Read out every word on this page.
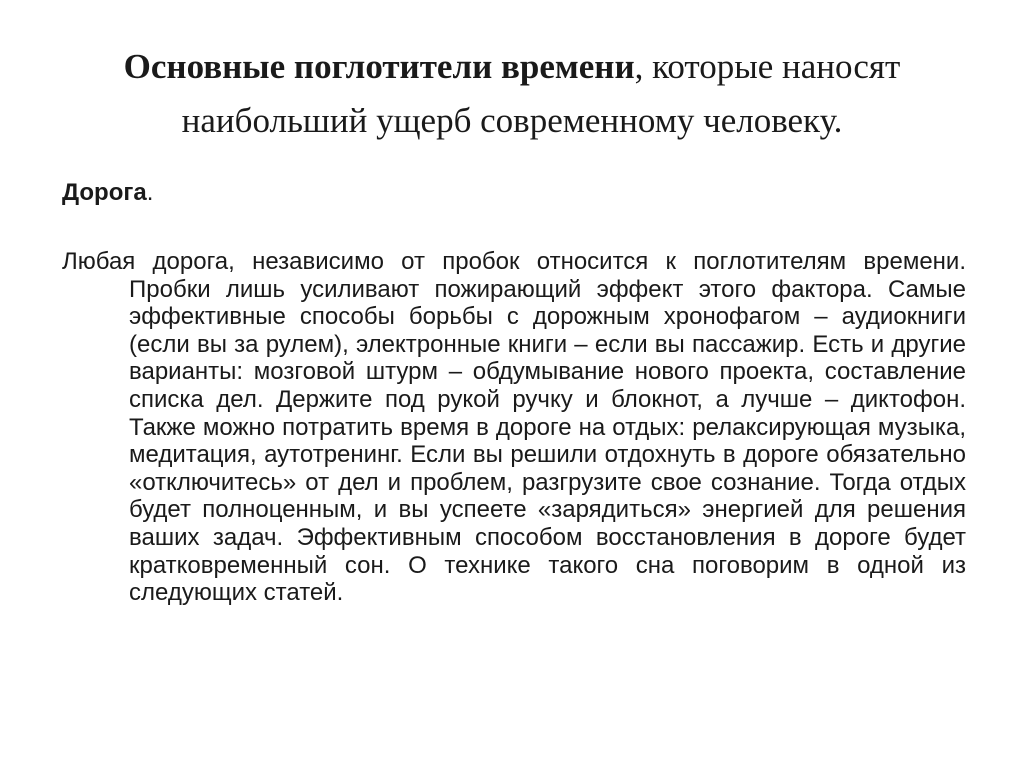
Основные поглотители времени, которые наносят наибольший ущерб современному человеку.
Дорога.

Любая дорога, независимо от пробок относится к поглотителям времени. Пробки лишь усиливают пожирающий эффект этого фактора. Самые эффективные способы борьбы с дорожным хронофагом – аудиокниги (если вы за рулем), электронные книги – если вы пассажир. Есть и другие варианты: мозговой штурм – обдумывание нового проекта, составление списка дел. Держите под рукой ручку и блокнот, а лучше – диктофон. Также можно потратить время в дороге на отдых: релаксирующая музыка, медитация, аутотренинг. Если вы решили отдохнуть в дороге обязательно «отключитесь» от дел и проблем, разгрузите свое сознание. Тогда отдых будет полноценным, и вы успеете «зарядиться» энергией для решения ваших задач. Эффективным способом восстановления в дороге будет кратковременный сон. О технике такого сна поговорим в одной из следующих статей.
